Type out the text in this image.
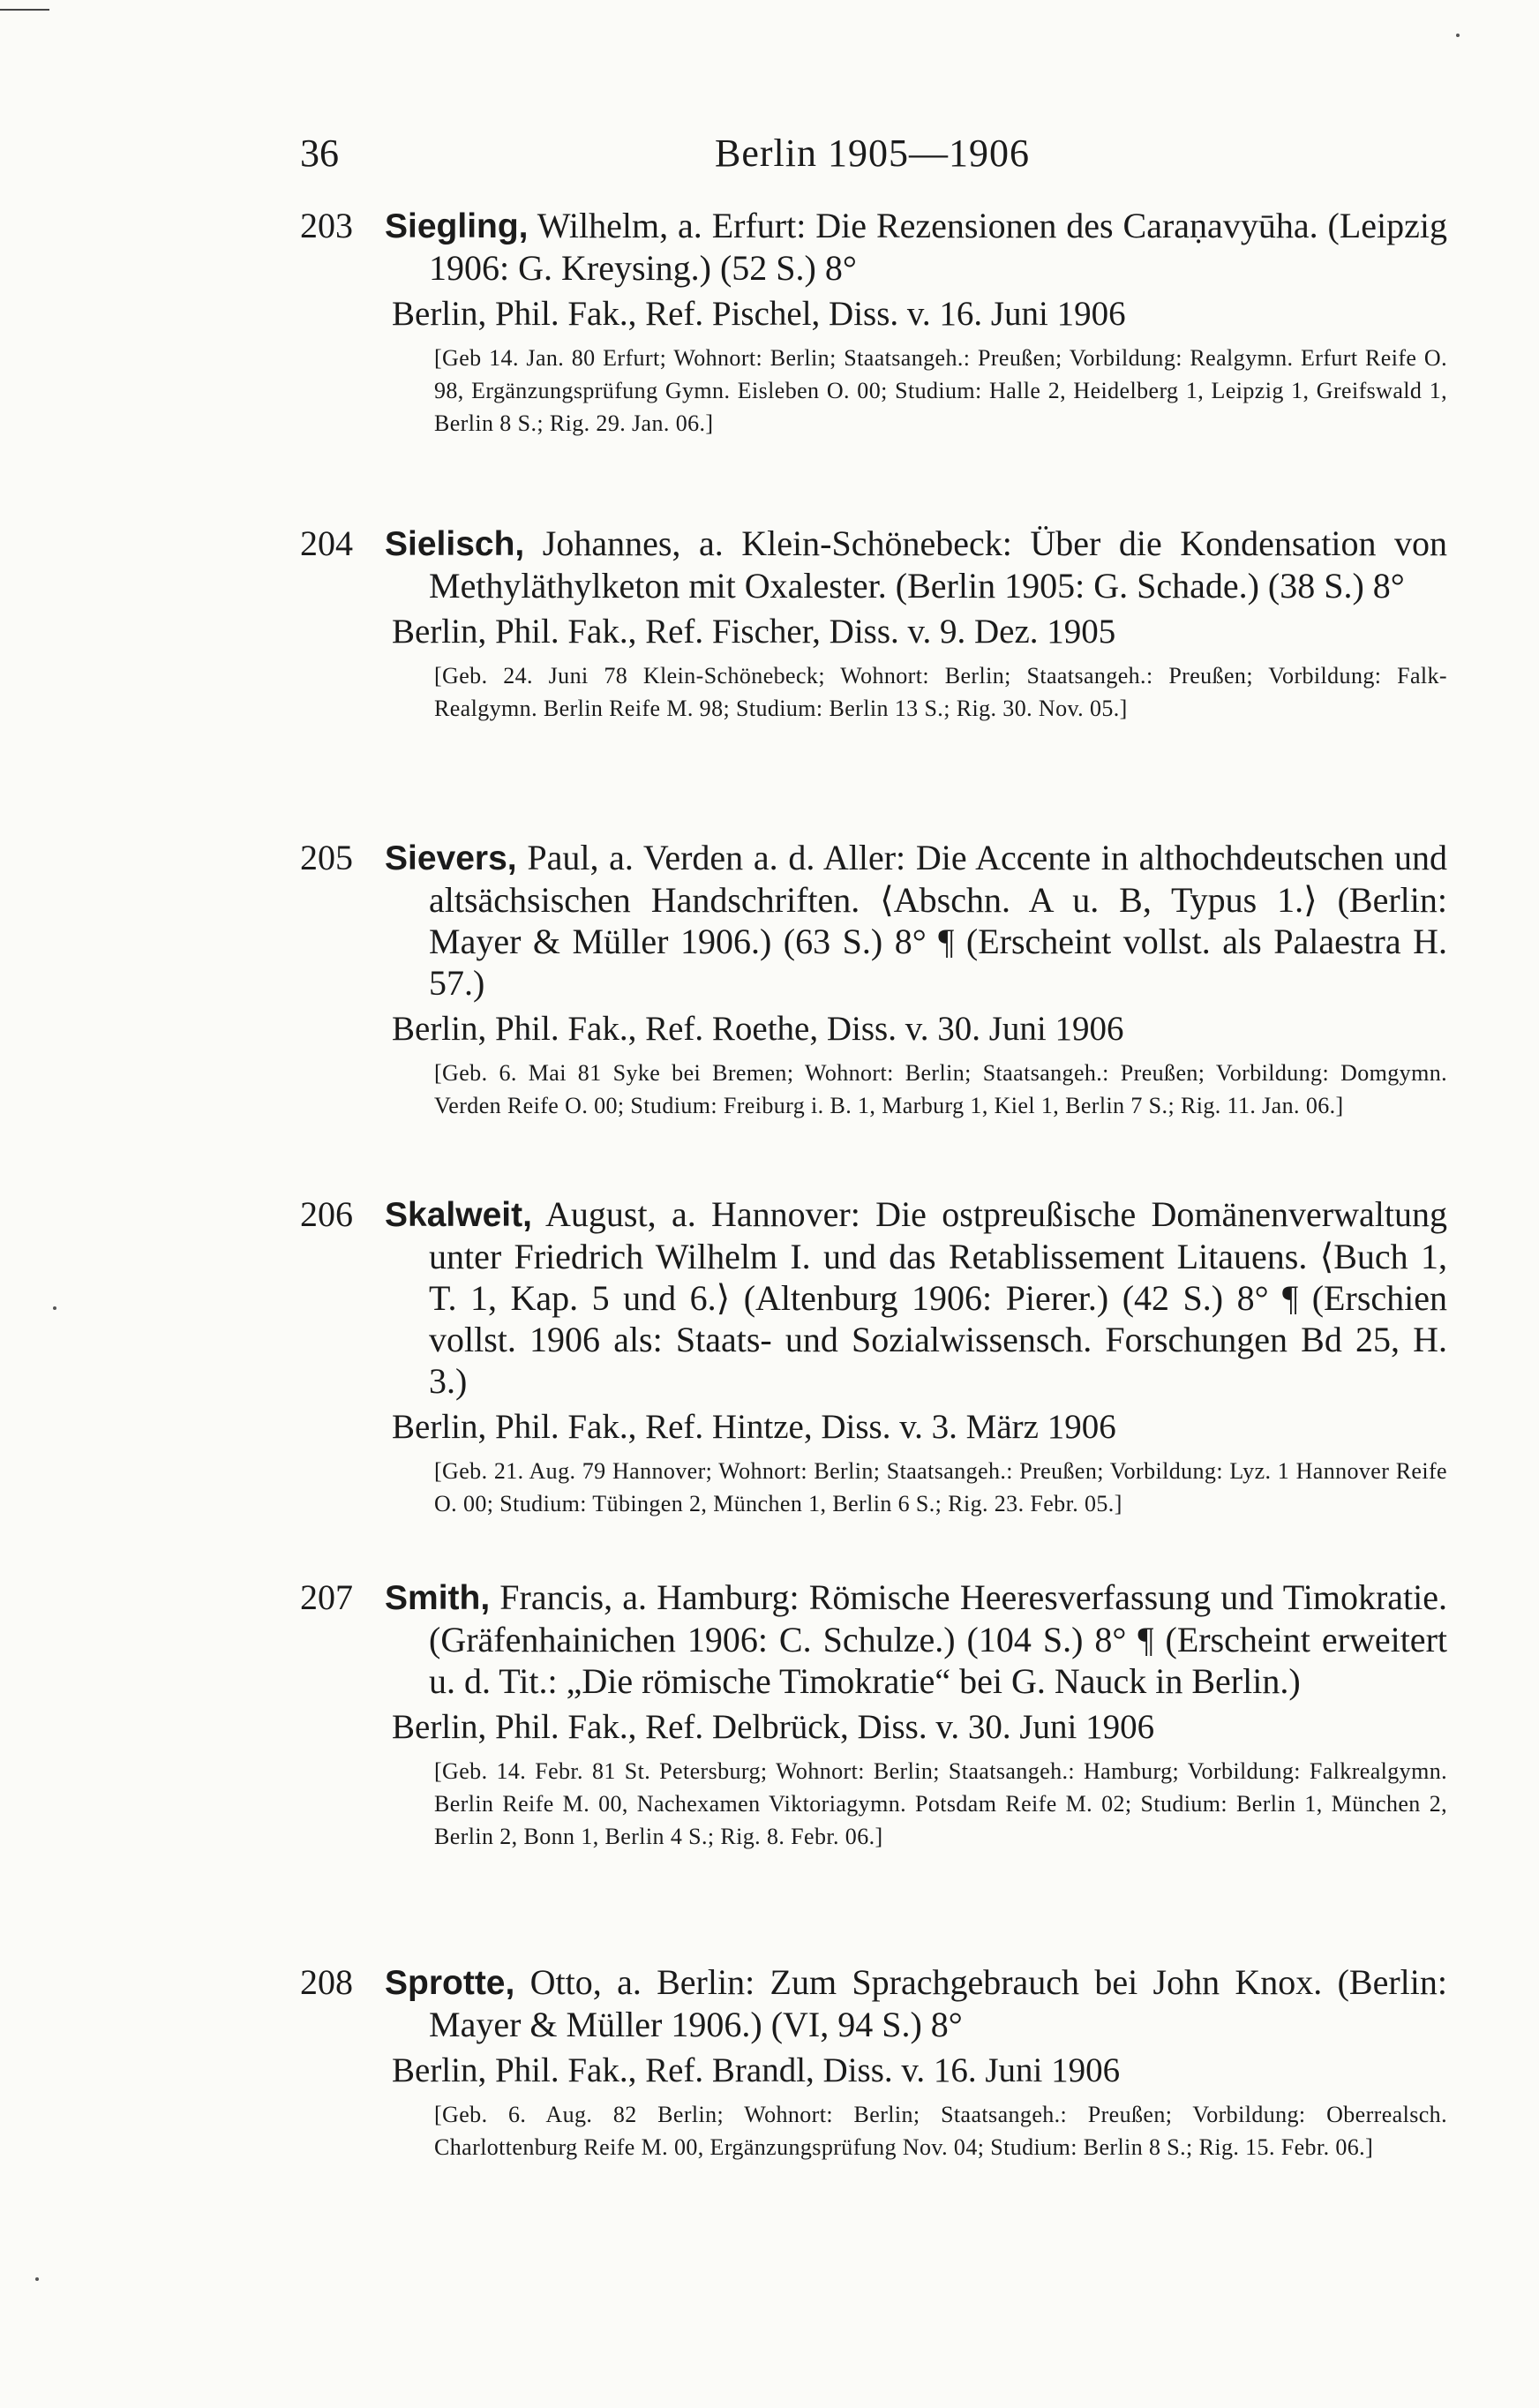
36	Berlin 1905—1906
203 Siegling, Wilhelm, a. Erfurt: Die Rezensionen des Caraṇavyūha. (Leipzig 1906: G. Kreysing.) (52 S.) 8°
Berlin, Phil. Fak., Ref. Pischel, Diss. v. 16. Juni 1906
[Geb 14. Jan. 80 Erfurt; Wohnort: Berlin; Staatsangeh.: Preußen; Vorbildung: Realgymn. Erfurt Reife O. 98, Ergänzungsprüfung Gymn. Eisleben O. 00; Studium: Halle 2, Heidelberg 1, Leipzig 1, Greifswald 1, Berlin 8 S.; Rig. 29. Jan. 06.]
204 Sielisch, Johannes, a. Klein-Schönebeck: Über die Kondensation von Methyläthylketon mit Oxalester. (Berlin 1905: G. Schade.) (38 S.) 8°
Berlin, Phil. Fak., Ref. Fischer, Diss. v. 9. Dez. 1905
[Geb. 24. Juni 78 Klein-Schönebeck; Wohnort: Berlin; Staatsangeh.: Preußen; Vorbildung: Falk-Realgymn. Berlin Reife M. 98; Studium: Berlin 13 S.; Rig. 30. Nov. 05.]
205 Sievers, Paul, a. Verden a. d. Aller: Die Accente in althochdeutschen und altsächsischen Handschriften. ⟨Abschn. A u. B, Typus 1.⟩ (Berlin: Mayer & Müller 1906.) (63 S.) 8° ¶ (Erscheint vollst. als Palaestra H. 57.)
Berlin, Phil. Fak., Ref. Roethe, Diss. v. 30. Juni 1906
[Geb. 6. Mai 81 Syke bei Bremen; Wohnort: Berlin; Staatsangeh.: Preußen; Vorbildung: Domgymn. Verden Reife O. 00; Studium: Freiburg i. B. 1, Marburg 1, Kiel 1, Berlin 7 S.; Rig. 11. Jan. 06.]
206 Skalweit, August, a. Hannover: Die ostpreußische Domänenverwaltung unter Friedrich Wilhelm I. und das Retablissement Litauens. ⟨Buch 1, T. 1, Kap. 5 und 6.⟩ (Altenburg 1906: Pierer.) (42 S.) 8° ¶ (Erschien vollst. 1906 als: Staats- und Sozialwissensch. Forschungen Bd 25, H. 3.)
Berlin, Phil. Fak., Ref. Hintze, Diss. v. 3. März 1906
[Geb. 21. Aug. 79 Hannover; Wohnort: Berlin; Staatsangeh.: Preußen; Vorbildung: Lyz. 1 Hannover Reife O. 00; Studium: Tübingen 2, München 1, Berlin 6 S.; Rig. 23. Febr. 05.]
207 Smith, Francis, a. Hamburg: Römische Heeresverfassung und Timokratie. (Gräfenhainichen 1906: C. Schulze.) (104 S.) 8° ¶ (Erscheint erweitert u. d. Tit.: „Die römische Timokratie“ bei G. Nauck in Berlin.)
Berlin, Phil. Fak., Ref. Delbrück, Diss. v. 30. Juni 1906
[Geb. 14. Febr. 81 St. Petersburg; Wohnort: Berlin; Staatsangeh.: Hamburg; Vorbildung: Falkrealgymn. Berlin Reife M. 00, Nachexamen Viktoriagymn. Potsdam Reife M. 02; Studium: Berlin 1, München 2, Berlin 2, Bonn 1, Berlin 4 S.; Rig. 8. Febr. 06.]
208 Sprotte, Otto, a. Berlin: Zum Sprachgebrauch bei John Knox. (Berlin: Mayer & Müller 1906.) (VI, 94 S.) 8°
Berlin, Phil. Fak., Ref. Brandl, Diss. v. 16. Juni 1906
[Geb. 6. Aug. 82 Berlin; Wohnort: Berlin; Staatsangeh.: Preußen; Vorbildung: Oberrealsch. Charlottenburg Reife M. 00, Ergänzungsprüfung Nov. 04; Studium: Berlin 8 S.; Rig. 15. Febr. 06.]
